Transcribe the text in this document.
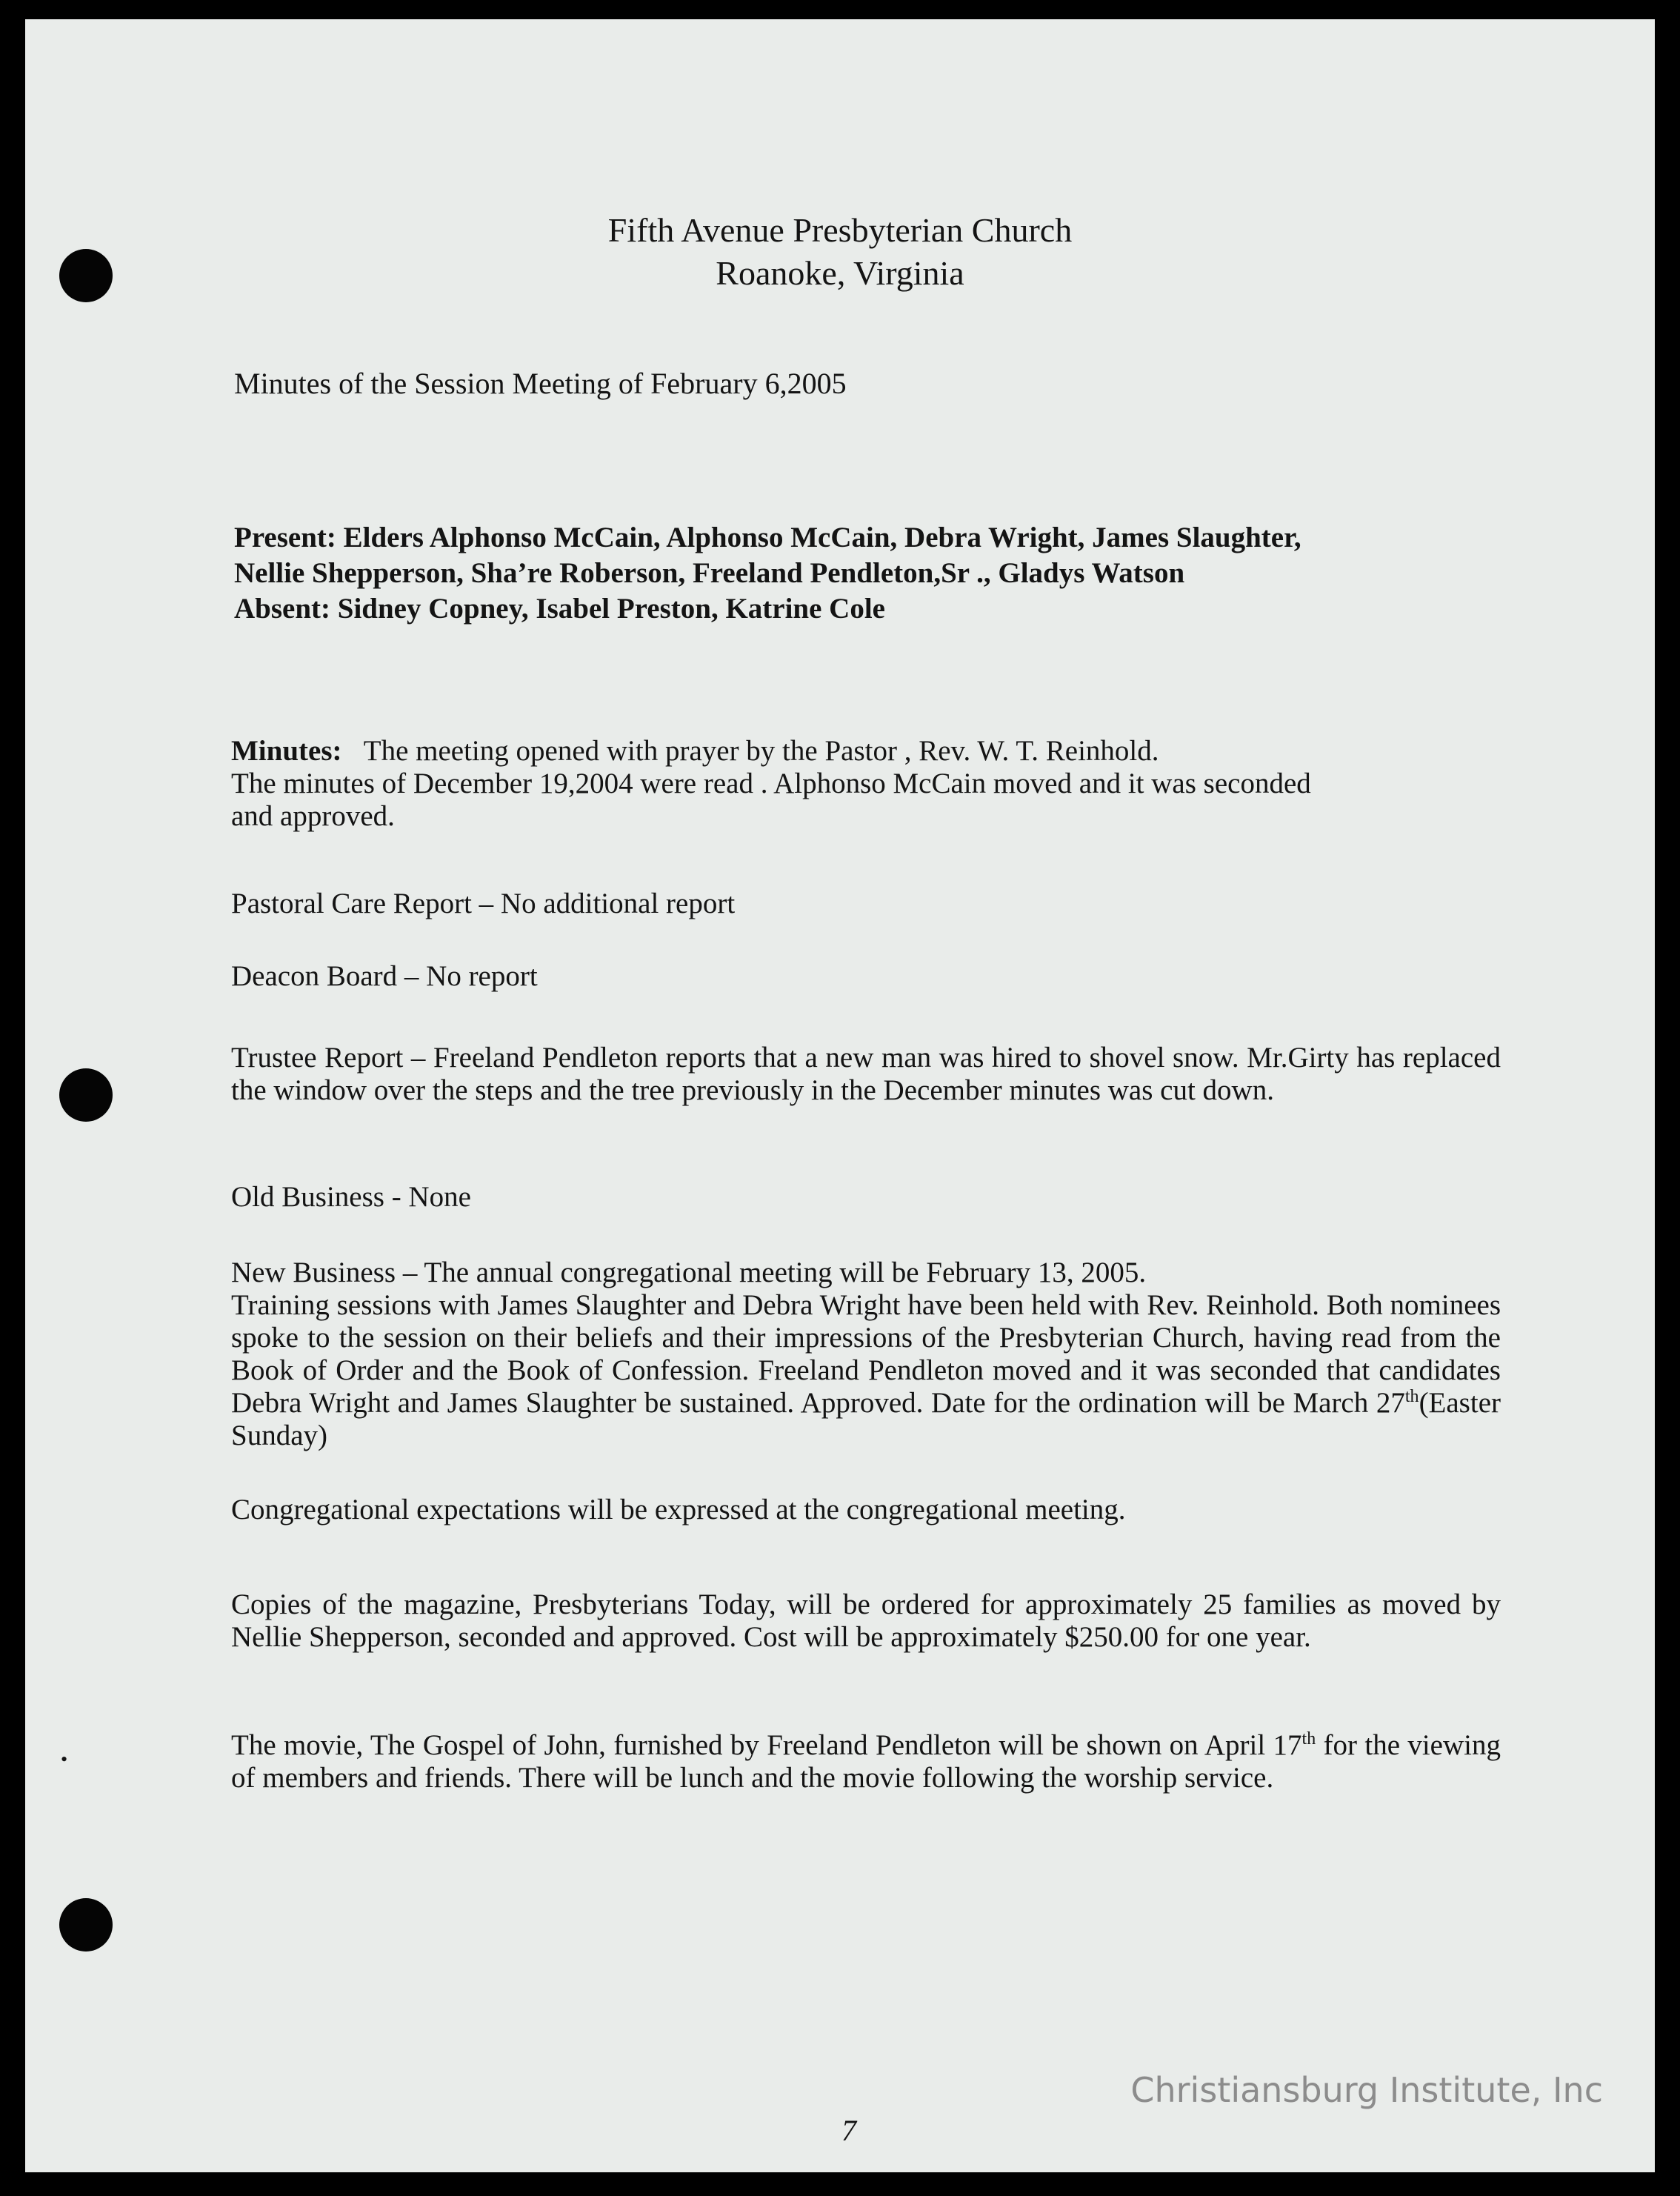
Fifth Avenue Presbyterian Church
Roanoke, Virginia
Minutes of the Session Meeting of February 6,2005
Present: Elders Alphonso McCain, Alphonso McCain, Debra Wright, James Slaughter,
Nellie Shepperson, Sha’re Roberson, Freeland Pendleton,Sr ., Gladys Watson
Absent: Sidney Copney, Isabel Preston, Katrine Cole
Minutes: The meeting opened with prayer by the Pastor , Rev. W. T. Reinhold.
The minutes of December 19,2004 were read . Alphonso McCain moved and it was seconded
and approved.
Pastoral Care Report – No additional report
Deacon Board – No report
Trustee Report – Freeland Pendleton reports that a new man was hired to shovel snow. Mr.Girty has replaced the window over the steps and the tree previously in the December minutes was cut down.
Old Business - None
New Business – The annual congregational meeting will be February 13, 2005.
Training sessions with James Slaughter and Debra Wright have been held with Rev. Reinhold. Both nominees spoke to the session on their beliefs and their impressions of the Presbyterian Church, having read from the Book of Order and the Book of Confession. Freeland Pendleton moved and it was seconded that candidates Debra Wright and James Slaughter be sustained. Approved. Date for the ordination will be March 27th(Easter Sunday)
Congregational expectations will be expressed at the congregational meeting.
Copies of the magazine, Presbyterians Today, will be ordered for approximately 25 families as moved by Nellie Shepperson, seconded and approved. Cost will be approximately $250.00 for one year.
The movie, The Gospel of John, furnished by Freeland Pendleton will be shown on April 17th for the viewing of members and friends. There will be lunch and the movie following the worship service.
•
7
Christiansburg Institute, Inc
